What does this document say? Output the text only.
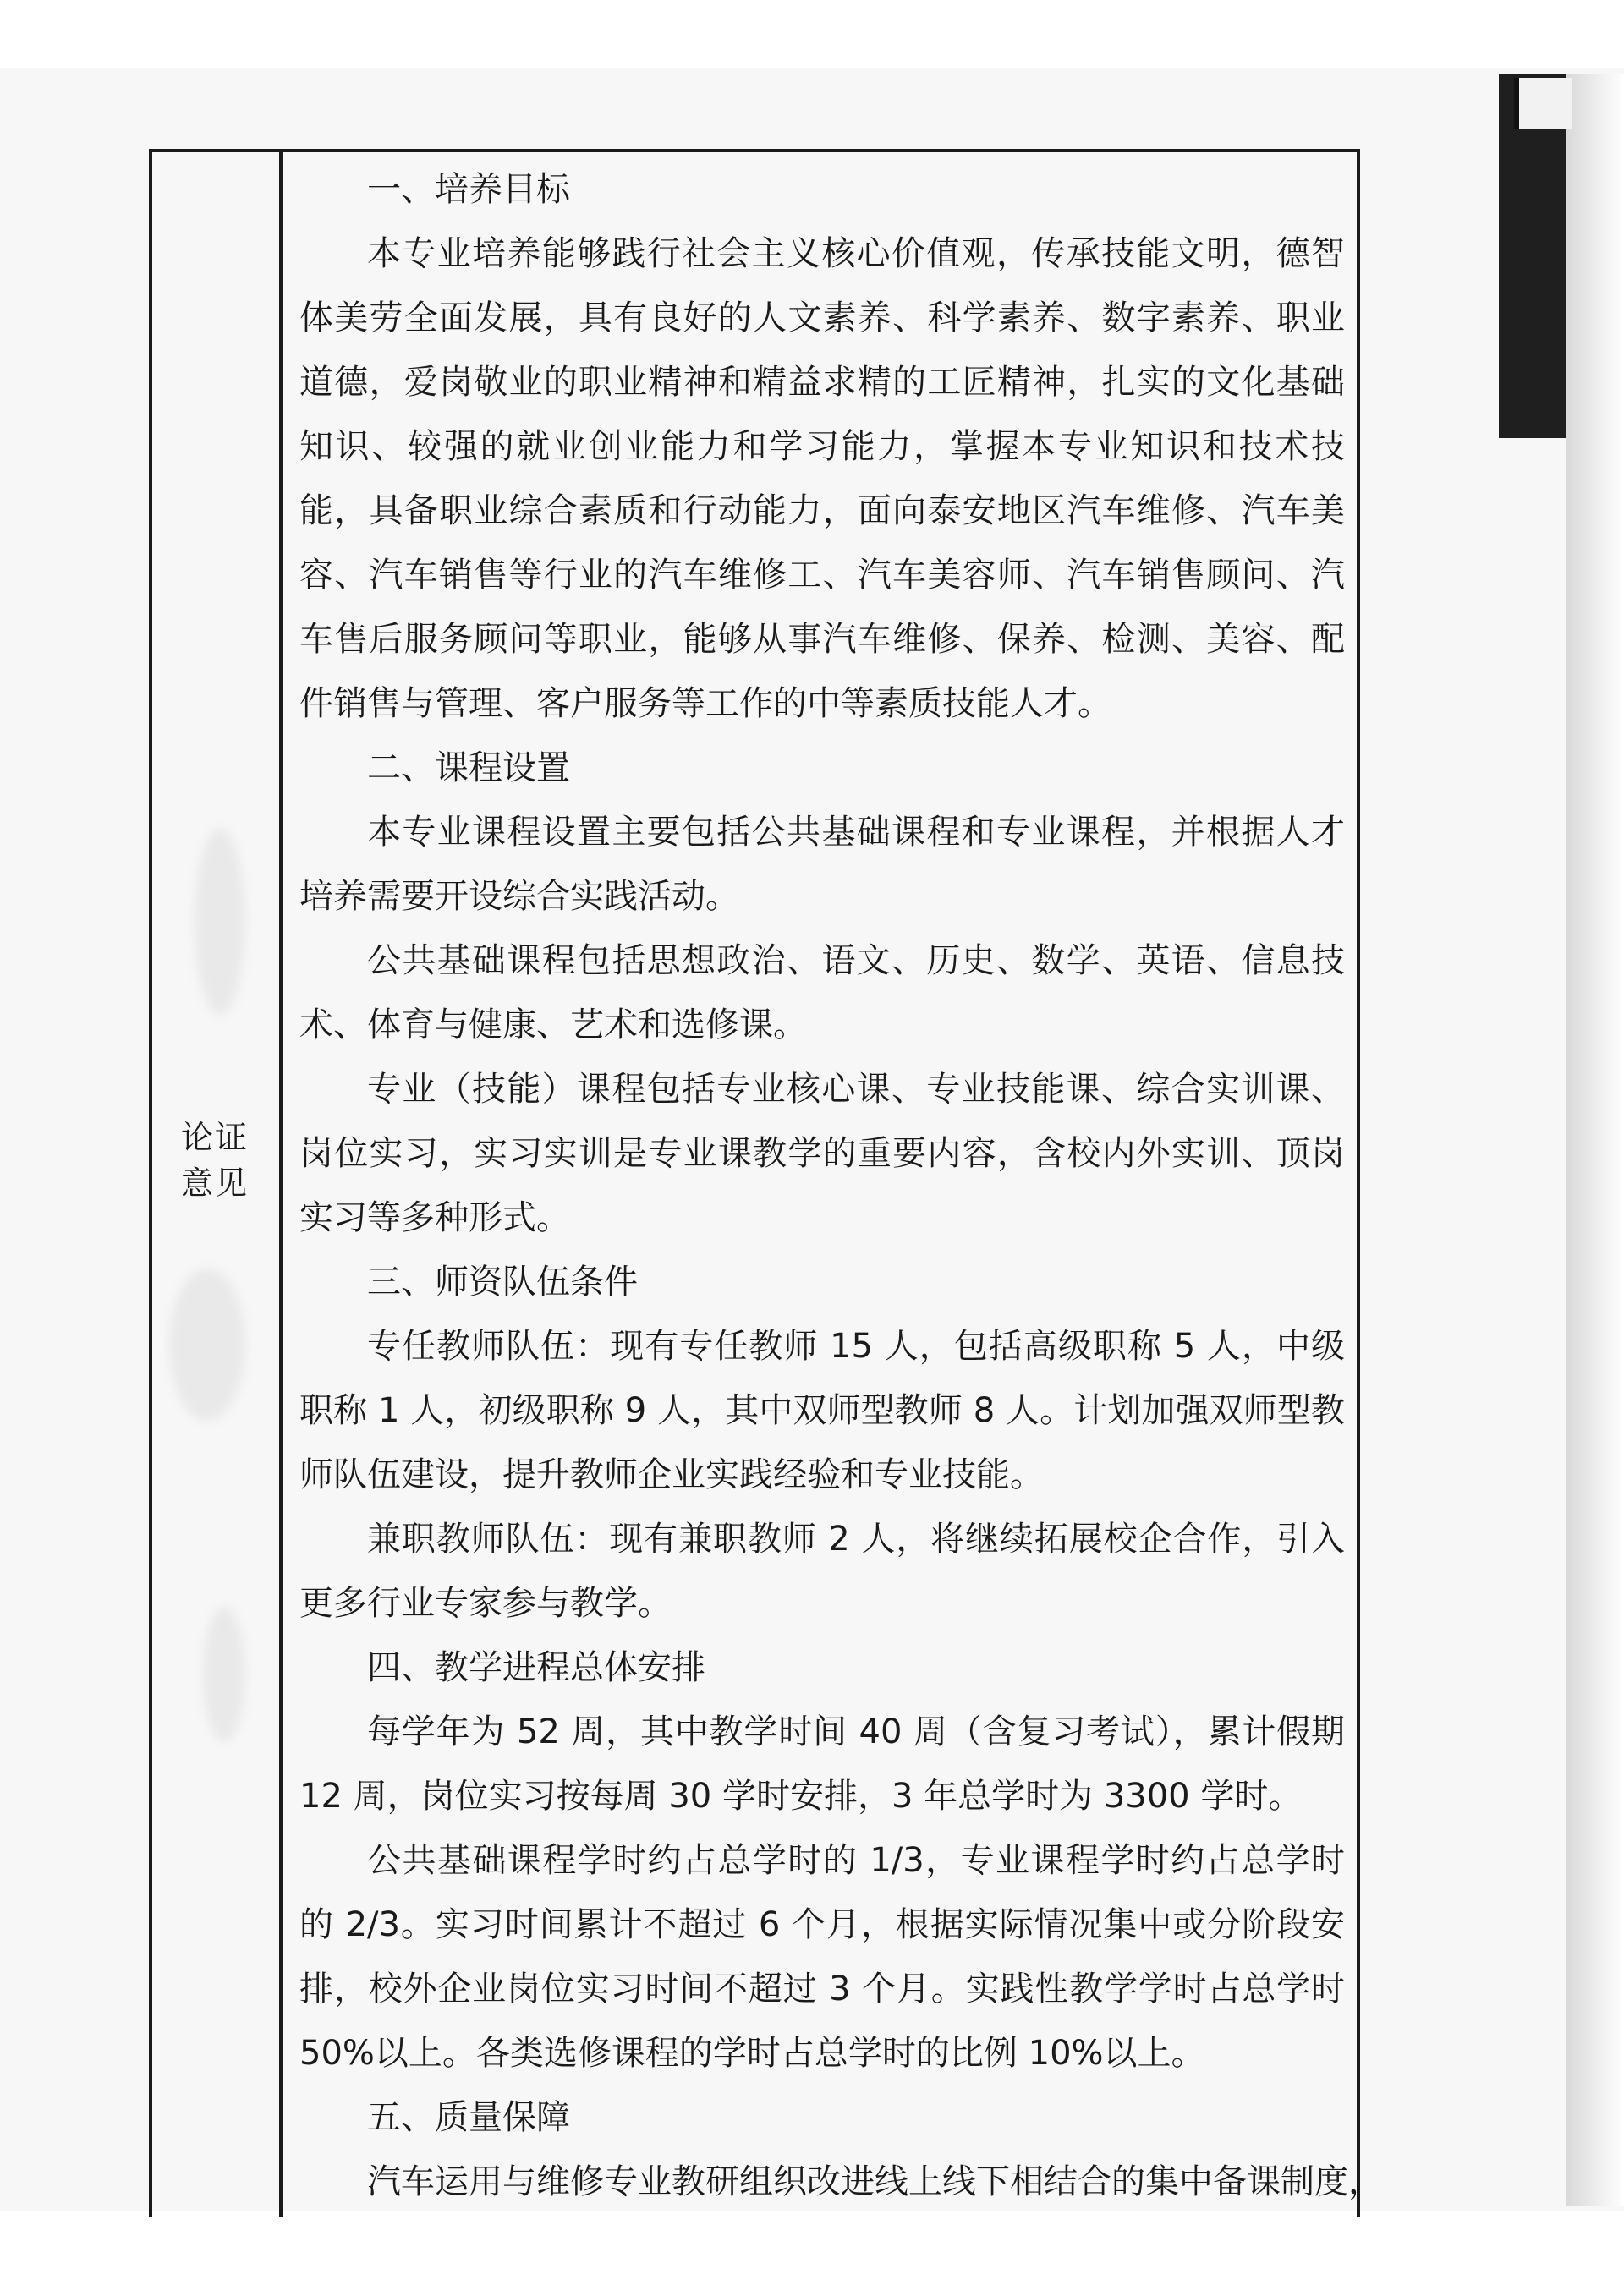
论证
意见

一、培养目标

本专业培养能够践行社会主义核心价值观，传承技能文明，德智体美劳全面发展，具有良好的人文素养、科学素养、数字素养、职业道德，爱岗敬业的职业精神和精益求精的工匠精神，扎实的文化基础知识、较强的就业创业能力和学习能力，掌握本专业知识和技术技能，具备职业综合素质和行动能力，面向泰安地区汽车维修、汽车美容、汽车销售等行业的汽车维修工、汽车美容师、汽车销售顾问、汽车售后服务顾问等职业，能够从事汽车维修、保养、检测、美容、配件销售与管理、客户服务等工作的中等素质技能人才。

二、课程设置

本专业课程设置主要包括公共基础课程和专业课程，并根据人才培养需要开设综合实践活动。

公共基础课程包括思想政治、语文、历史、数学、英语、信息技术、体育与健康、艺术和选修课。

专业（技能）课程包括专业核心课、专业技能课、综合实训课、岗位实习，实习实训是专业课教学的重要内容，含校内外实训、顶岗实习等多种形式。

三、师资队伍条件

专任教师队伍：现有专任教师 15 人，包括高级职称 5 人，中级职称 1 人，初级职称 9 人，其中双师型教师 8 人。计划加强双师型教师队伍建设，提升教师企业实践经验和专业技能。

兼职教师队伍：现有兼职教师 2 人，将继续拓展校企合作，引入更多行业专家参与教学。

四、教学进程总体安排

每学年为 52 周，其中教学时间 40 周（含复习考试），累计假期 12 周，岗位实习按每周 30 学时安排，3 年总学时为 3300 学时。

公共基础课程学时约占总学时的 1/3，专业课程学时约占总学时的 2/3。实习时间累计不超过 6 个月，根据实际情况集中或分阶段安排，校外企业岗位实习时间不超过 3 个月。实践性教学学时占总学时 50%以上。各类选修课程的学时占总学时的比例 10%以上。

五、质量保障

汽车运用与维修专业教研组织改进线上线下相结合的集中备课制度，
